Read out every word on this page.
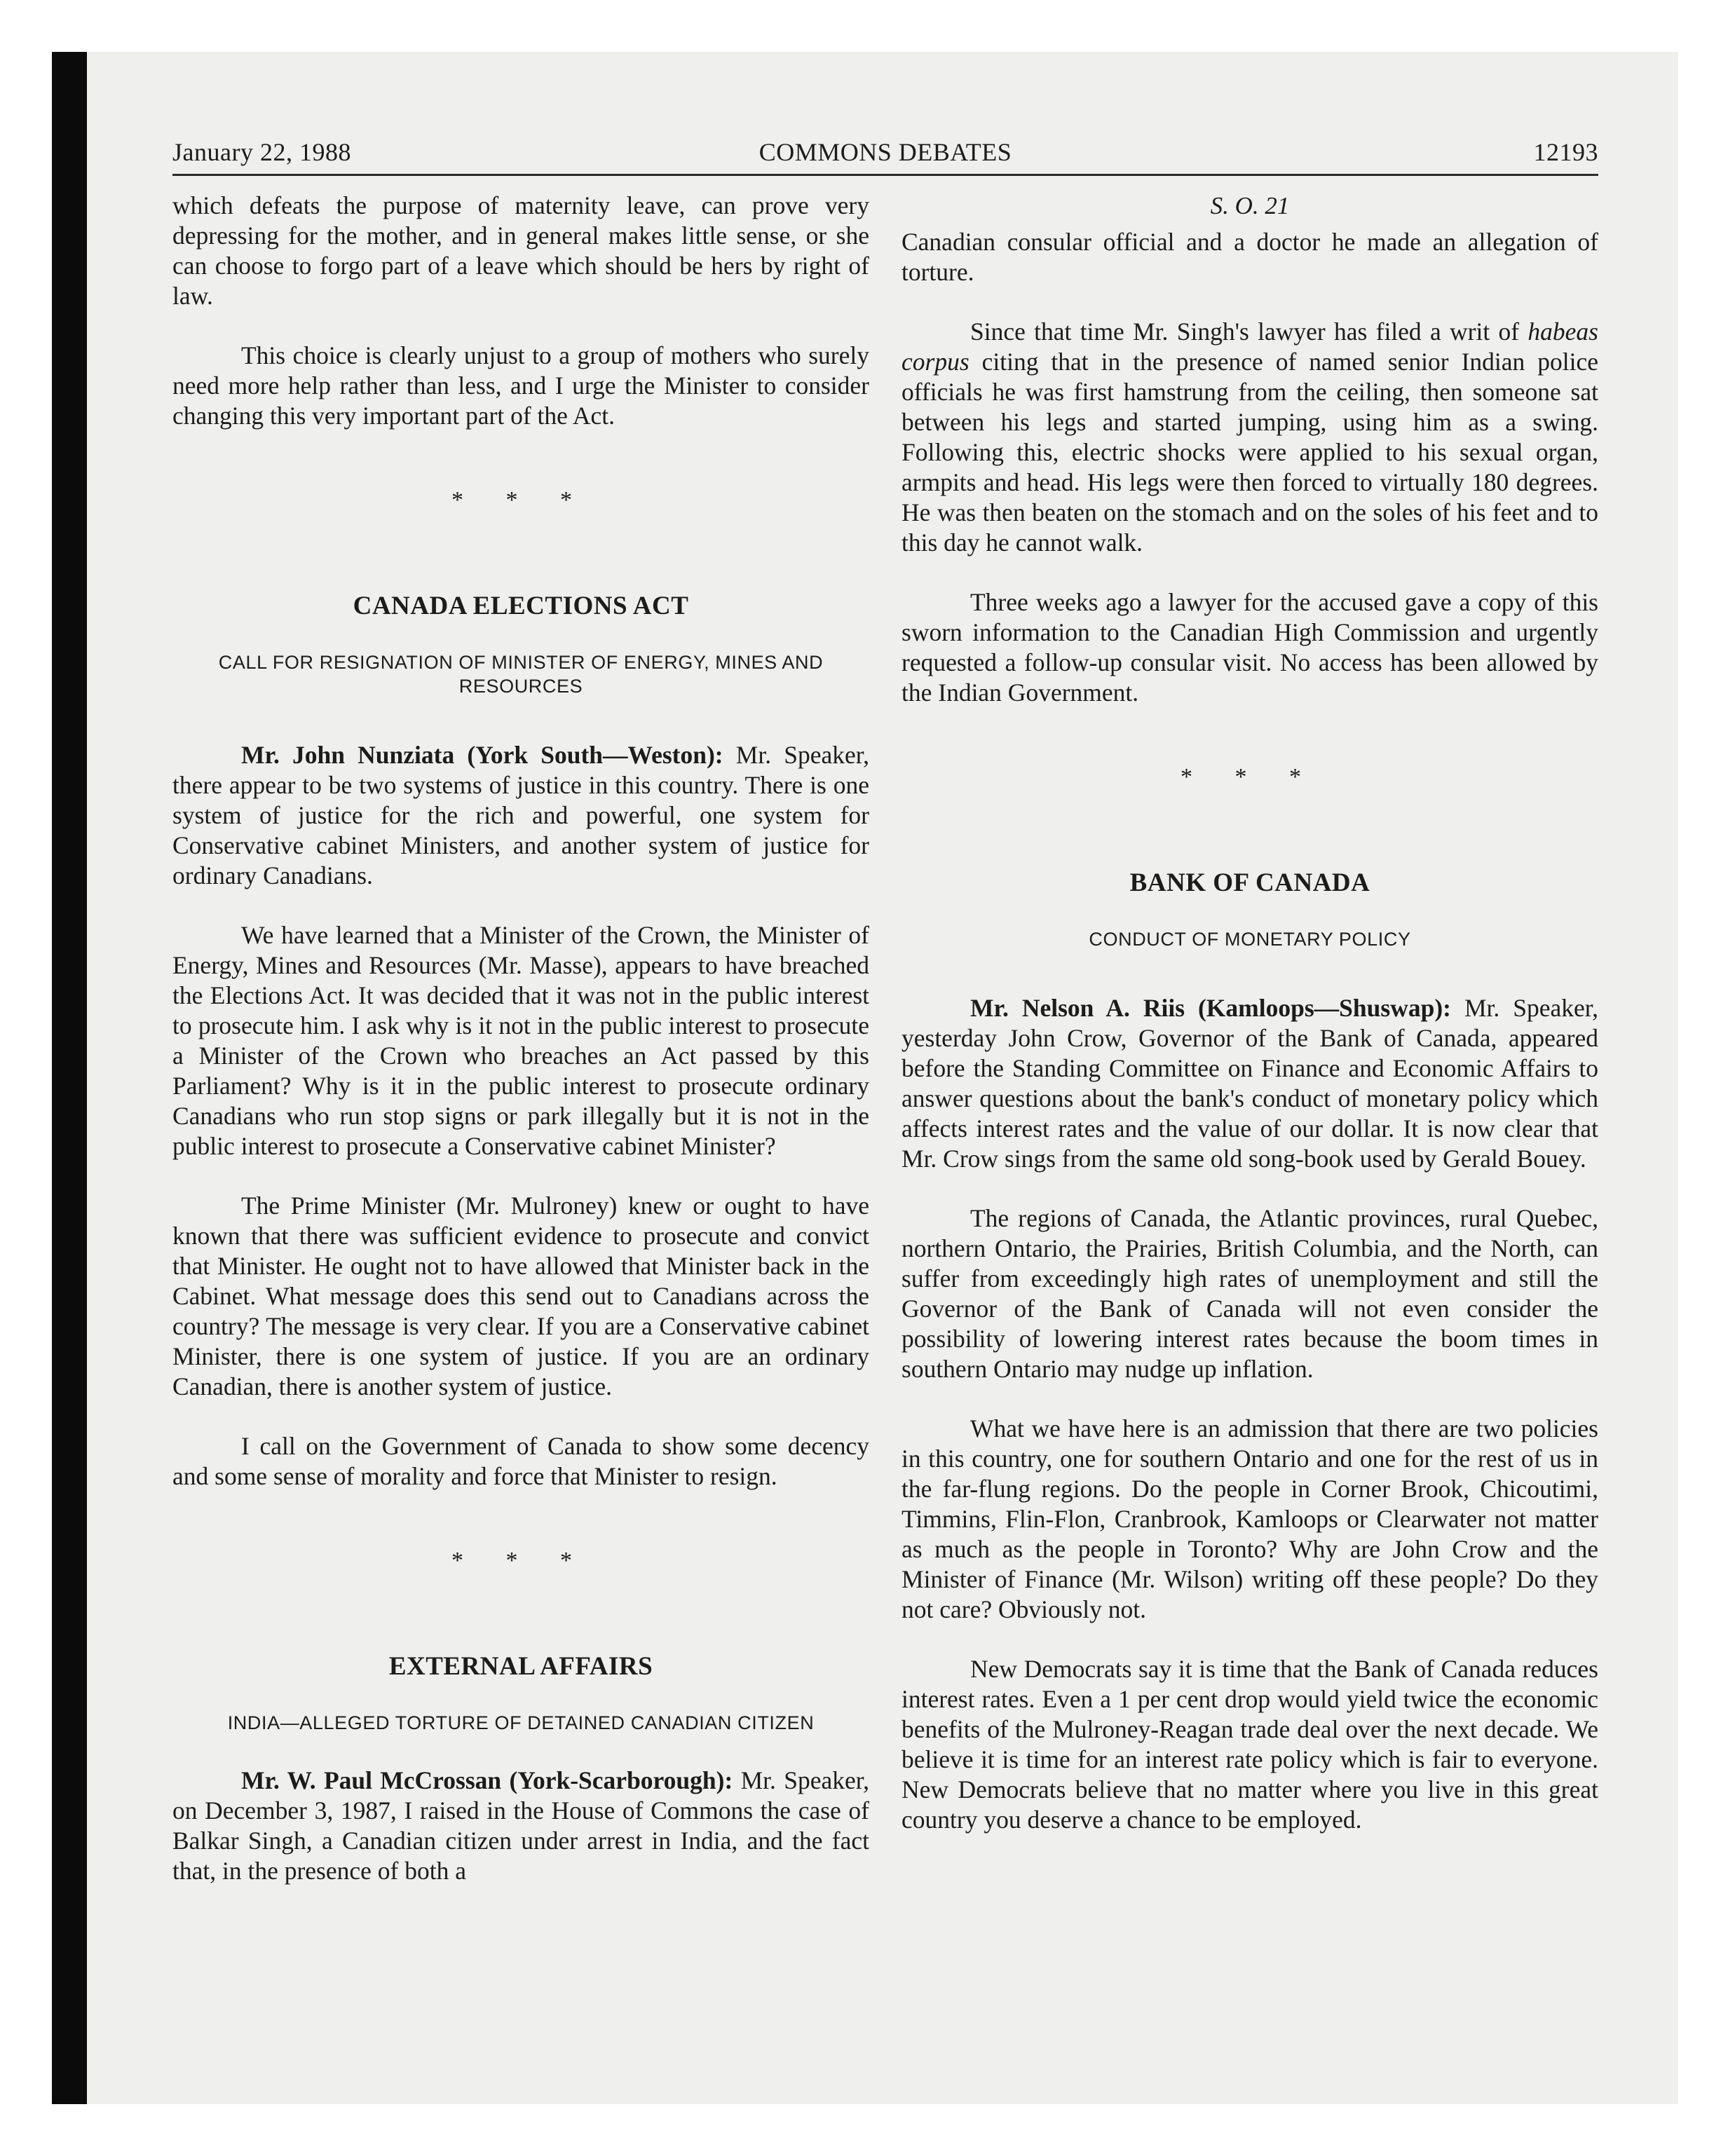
January 22, 1988	COMMONS DEBATES	12193

which defeats the purpose of maternity leave, can prove very depressing for the mother, and in general makes little sense, or she can choose to forgo part of a leave which should be hers by right of law.

This choice is clearly unjust to a group of mothers who surely need more help rather than less, and I urge the Minister to consider changing this very important part of the Act.

* * *
CANADA ELECTIONS ACT
CALL FOR RESIGNATION OF MINISTER OF ENERGY, MINES AND RESOURCES

Mr. John Nunziata (York South—Weston): Mr. Speaker, there appear to be two systems of justice in this country. There is one system of justice for the rich and powerful, one system for Conservative cabinet Ministers, and another system of justice for ordinary Canadians.

We have learned that a Minister of the Crown, the Minister of Energy, Mines and Resources (Mr. Masse), appears to have breached the Elections Act. It was decided that it was not in the public interest to prosecute him. I ask why is it not in the public interest to prosecute a Minister of the Crown who breaches an Act passed by this Parliament? Why is it in the public interest to prosecute ordinary Canadians who run stop signs or park illegally but it is not in the public interest to prosecute a Conservative cabinet Minister?

The Prime Minister (Mr. Mulroney) knew or ought to have known that there was sufficient evidence to prosecute and convict that Minister. He ought not to have allowed that Minister back in the Cabinet. What message does this send out to Canadians across the country? The message is very clear. If you are a Conservative cabinet Minister, there is one system of justice. If you are an ordinary Canadian, there is another system of justice.

I call on the Government of Canada to show some decency and some sense of morality and force that Minister to resign.

* * *
EXTERNAL AFFAIRS
INDIA—ALLEGED TORTURE OF DETAINED CANADIAN CITIZEN

Mr. W. Paul McCrossan (York-Scarborough): Mr. Speaker, on December 3, 1987, I raised in the House of Commons the case of Balkar Singh, a Canadian citizen under arrest in India, and the fact that, in the presence of both a

S. O. 21

Canadian consular official and a doctor he made an allegation of torture.

Since that time Mr. Singh's lawyer has filed a writ of habeas corpus citing that in the presence of named senior Indian police officials he was first hamstrung from the ceiling, then someone sat between his legs and started jumping, using him as a swing. Following this, electric shocks were applied to his sexual organ, armpits and head. His legs were then forced to virtually 180 degrees. He was then beaten on the stomach and on the soles of his feet and to this day he cannot walk.

Three weeks ago a lawyer for the accused gave a copy of this sworn information to the Canadian High Commission and urgently requested a follow-up consular visit. No access has been allowed by the Indian Government.

* * *
BANK OF CANADA
CONDUCT OF MONETARY POLICY

Mr. Nelson A. Riis (Kamloops—Shuswap): Mr. Speaker, yesterday John Crow, Governor of the Bank of Canada, appeared before the Standing Committee on Finance and Economic Affairs to answer questions about the bank's conduct of monetary policy which affects interest rates and the value of our dollar. It is now clear that Mr. Crow sings from the same old song-book used by Gerald Bouey.

The regions of Canada, the Atlantic provinces, rural Quebec, northern Ontario, the Prairies, British Columbia, and the North, can suffer from exceedingly high rates of unemployment and still the Governor of the Bank of Canada will not even consider the possibility of lowering interest rates because the boom times in southern Ontario may nudge up inflation.

What we have here is an admission that there are two policies in this country, one for southern Ontario and one for the rest of us in the far-flung regions. Do the people in Corner Brook, Chicoutimi, Timmins, Flin-Flon, Cranbrook, Kamloops or Clearwater not matter as much as the people in Toronto? Why are John Crow and the Minister of Finance (Mr. Wilson) writing off these people? Do they not care? Obviously not.

New Democrats say it is time that the Bank of Canada reduces interest rates. Even a 1 per cent drop would yield twice the economic benefits of the Mulroney-Reagan trade deal over the next decade. We believe it is time for an interest rate policy which is fair to everyone. New Democrats believe that no matter where you live in this great country you deserve a chance to be employed.
